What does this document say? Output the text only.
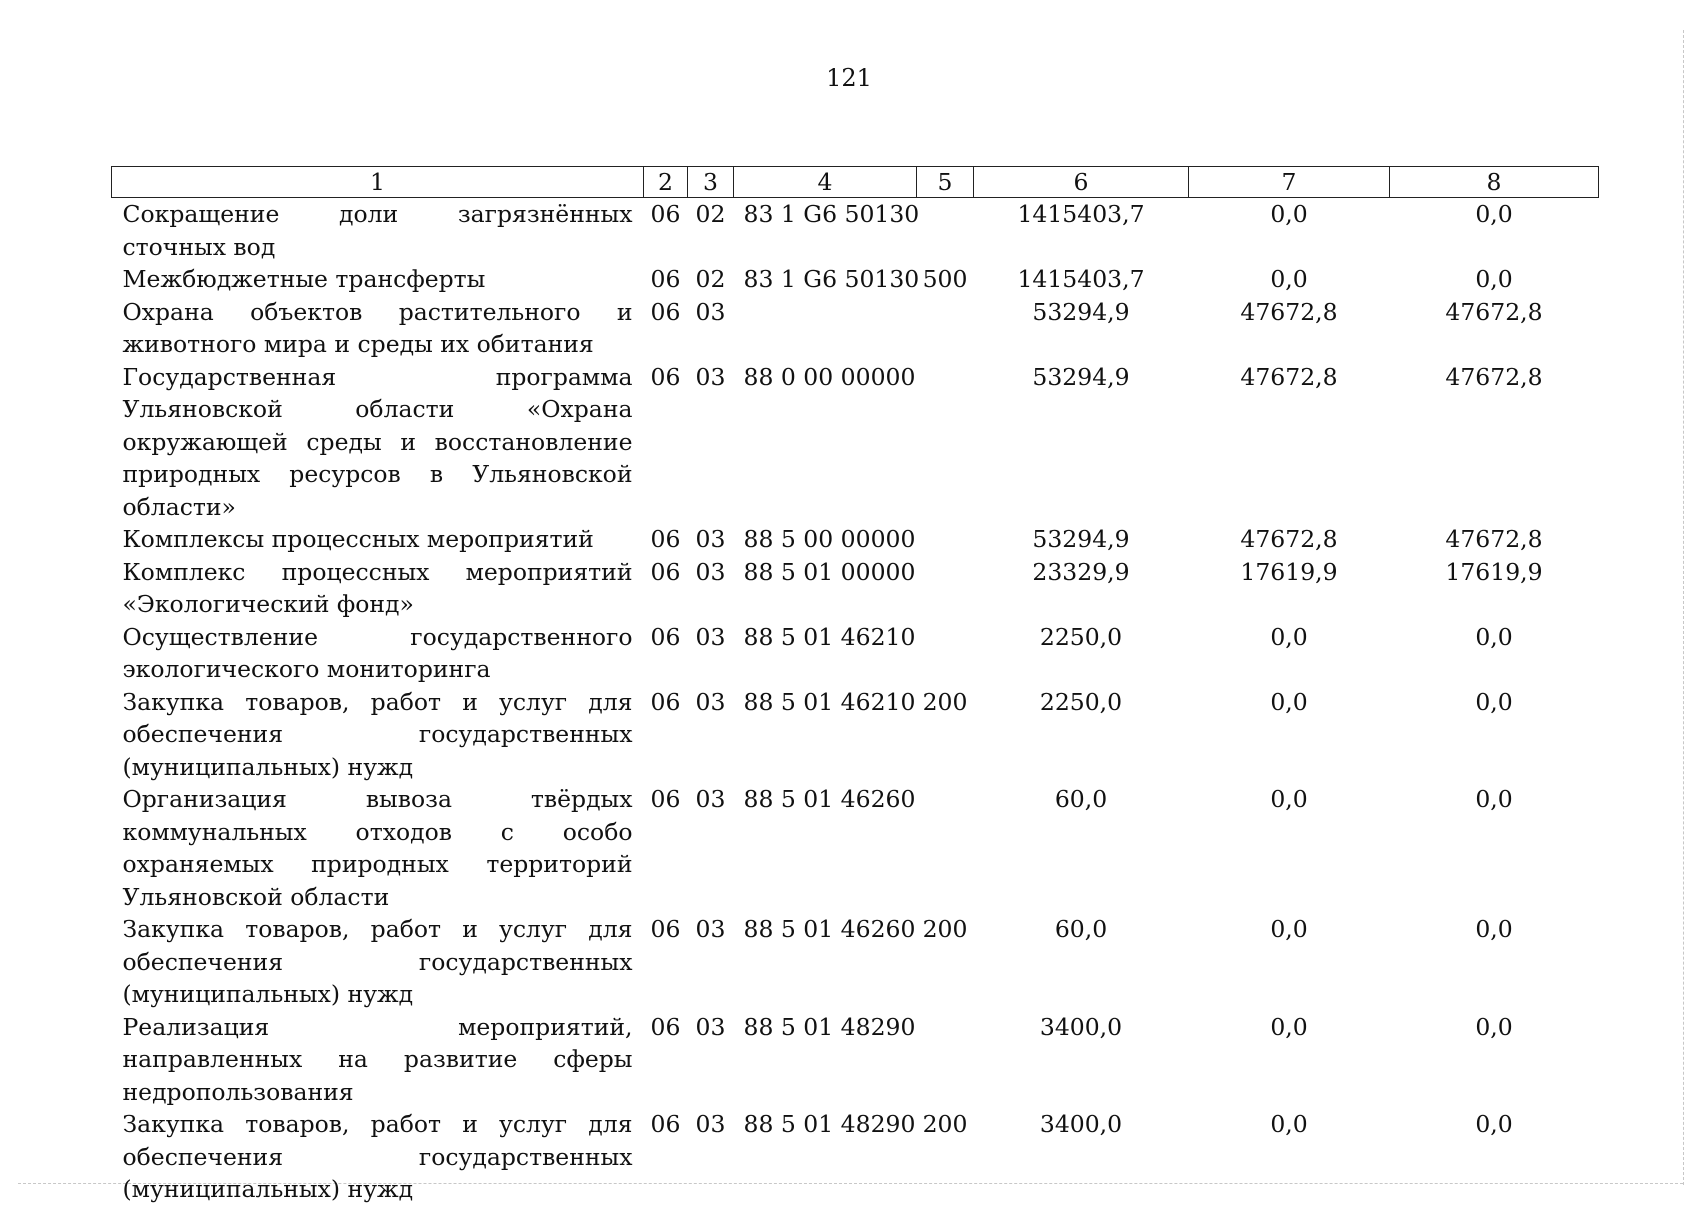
121
1	2	3	4	5	6	7	8
Сокращение доли загрязнённых сточных вод	06	02	83 1 G6 50130		1415403,7	0,0	0,0
Межбюджетные трансферты	06	02	83 1 G6 50130	500	1415403,7	0,0	0,0
Охрана объектов растительного и животного мира и среды их обитания	06	03			53294,9	47672,8	47672,8
Государственная программа Ульяновской области «Охрана окружающей среды и восстановление природных ресурсов в Ульяновской области»	06	03	88 0 00 00000		53294,9	47672,8	47672,8
Комплексы процессных мероприятий	06	03	88 5 00 00000		53294,9	47672,8	47672,8
Комплекс процессных мероприятий «Экологический фонд»	06	03	88 5 01 00000		23329,9	17619,9	17619,9
Осуществление государственного экологического мониторинга	06	03	88 5 01 46210		2250,0	0,0	0,0
Закупка товаров, работ и услуг для обеспечения государственных (муниципальных) нужд	06	03	88 5 01 46210	200	2250,0	0,0	0,0
Организация вывоза твёрдых коммунальных отходов с особо охраняемых природных территорий Ульяновской области	06	03	88 5 01 46260		60,0	0,0	0,0
Закупка товаров, работ и услуг для обеспечения государственных (муниципальных) нужд	06	03	88 5 01 46260	200	60,0	0,0	0,0
Реализация мероприятий, направленных на развитие сферы недропользования	06	03	88 5 01 48290		3400,0	0,0	0,0
Закупка товаров, работ и услуг для обеспечения государственных (муниципальных) нужд	06	03	88 5 01 48290	200	3400,0	0,0	0,0
